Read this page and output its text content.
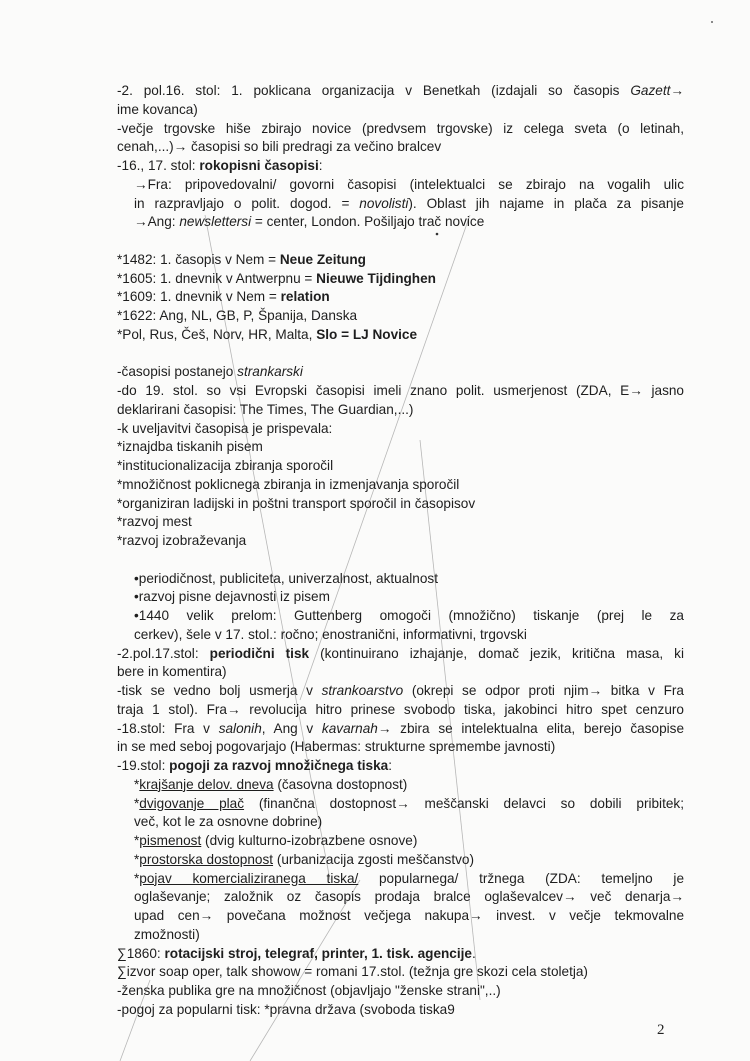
-2. pol.16. stol: 1. poklicana organizacija v Benetkah (izdajali so časopis Gazett→
ime kovanca)
-večje trgovske hiše zbirajo novice (predvsem trgovske) iz celega sveta (o letinah,
cenah,...)→ časopisi so bili predragi za večino bralcev
-16., 17. stol: rokopisni časopisi:
→Fra: pripovedovalni/ govorni časopisi (intelektualci se zbirajo na vogalih ulic
in razpravljajo o polit. dogod. = novolisti). Oblast jih najame in plača za pisanje
→Ang: newslettersi = center, London. Pošiljajo trač novice
*1482: 1. časopis v Nem = Neue Zeitung
*1605: 1. dnevnik v Antwerpnu = Nieuwe Tijdinghen
*1609: 1. dnevnik v Nem = relation
*1622: Ang, NL, GB, P, Španija, Danska
*Pol, Rus, Češ, Norv, HR, Malta, Slo = LJ Novice
-časopisi postanejo strankarski
-do 19. stol. so vsi Evropski časopisi imeli znano polit. usmerjenost (ZDA, E→ jasno
deklarirani časopisi: The Times, The Guardian,...)
-k uveljavitvi časopisa je prispevala:
*iznajdba tiskanih pisem
*institucionalizacija zbiranja sporočil
*množičnost poklicnega zbiranja in izmenjavanja sporočil
*organiziran ladijski in poštni transport sporočil in časopisov
*razvoj mest
*razvoj izobraževanja
•periodičnost, publiciteta, univerzalnost, aktualnost
•razvoj pisne dejavnosti iz pisem
•1440 velik prelom: Guttenberg omogoči (množično) tiskanje (prej le za
cerkev), šele v 17. stol.: ročno; enostranični, informativni, trgovski
-2.pol.17.stol: periodični tisk (kontinuirano izhajanje, domač jezik, kritična masa, ki
bere in komentira)
-tisk se vedno bolj usmerja v strankoarstvo (okrepi se odpor proti njim→ bitka v Fra
traja 1 stol). Fra→ revolucija hitro prinese svobodo tiska, jakobinci hitro spet cenzuro
-18.stol: Fra v salonih, Ang v kavarnah→ zbira se intelektualna elita, berejo časopise
in se med seboj pogovarjajo (Habermas: strukturne spremembe javnosti)
-19.stol: pogoji za razvoj množičnega tiska:
*krajšanje delov. dneva (časovna dostopnost)
*dvigovanje plač (finančna dostopnost→ meščanski delavci so dobili pribitek;
več, kot le za osnovne dobrine)
*pismenost (dvig kulturno-izobrazbene osnove)
*prostorska dostopnost (urbanizacija zgosti meščanstvo)
*pojav komercializiranega tiska/ popularnega/ tržnega (ZDA: temeljno je
oglaševanje; založnik oz časopis prodaja bralce oglaševalcev→ več denarja→
upad cen→ povečana možnost večjega nakupa→ invest. v večje tekmovalne
zmožnosti)
∑1860: rotacijski stroj, telegraf, printer, 1. tisk. agencije.
∑izvor soap oper, talk showow = romani 17.stol. (težnja gre skozi cela stoletja)
-ženska publika gre na množičnost (objavljajo "ženske strani",..)
-pogoj za popularni tisk: *pravna država (svoboda tiska9
2
